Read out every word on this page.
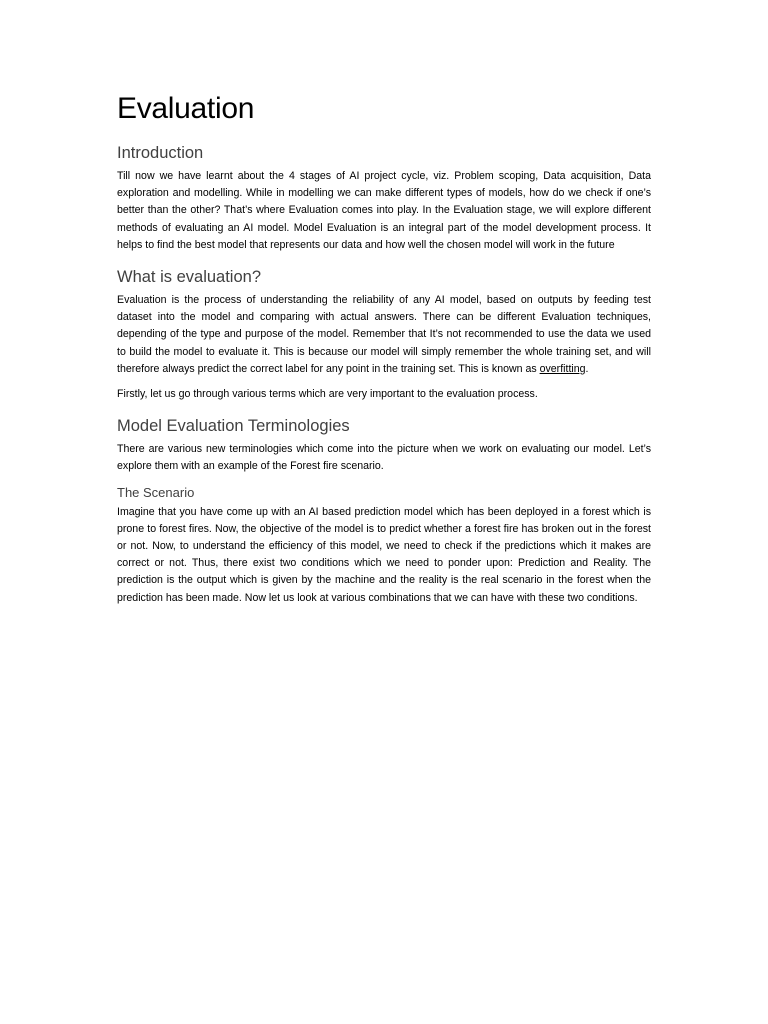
Evaluation
Introduction

Till now we have learnt about the 4 stages of AI project cycle, viz. Problem scoping, Data acquisition, Data exploration and modelling. While in modelling we can make different types of models, how do we check if one’s better than the other? That’s where Evaluation comes into play. In the Evaluation stage, we will explore different methods of evaluating an AI model. Model Evaluation is an integral part of the model development process. It helps to find the best model that represents our data and how well the chosen model will work in the future

What is evaluation?

Evaluation is the process of understanding the reliability of any AI model, based on outputs by feeding test dataset into the model and comparing with actual answers. There can be different Evaluation techniques, depending of the type and purpose of the model. Remember that It’s not recommended to use the data we used to build the model to evaluate it. This is because our model will simply remember the whole training set, and will therefore always predict the correct label for any point in the training set. This is known as overfitting.

Firstly, let us go through various terms which are very important to the evaluation process.

Model Evaluation Terminologies

There are various new terminologies which come into the picture when we work on evaluating our model. Let’s explore them with an example of the Forest fire scenario.

The Scenario

Imagine that you have come up with an AI based prediction model which has been deployed in a forest which is prone to forest fires. Now, the objective of the model is to predict whether a forest fire has broken out in the forest or not. Now, to understand the efficiency of this model, we need to check if the predictions which it makes are correct or not. Thus, there exist two conditions which we need to ponder upon: Prediction and Reality. The prediction is the output which is given by the machine and the reality is the real scenario in the forest when the prediction has been made. Now let us look at various combinations that we can have with these two conditions.
